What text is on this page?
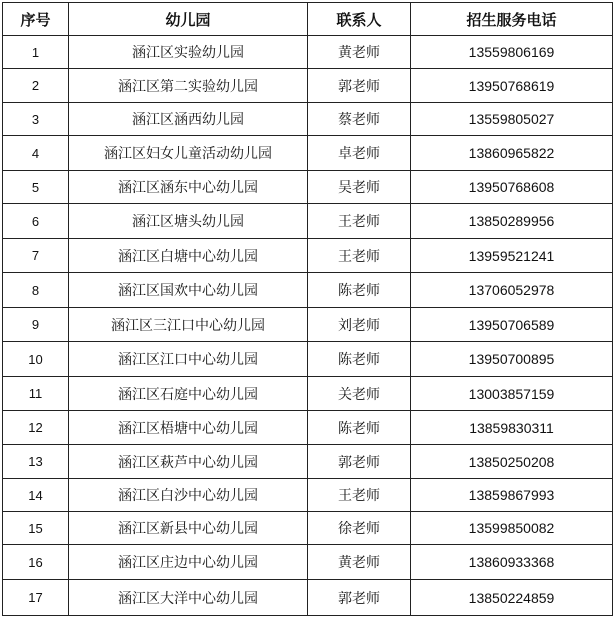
序号	幼儿园	联系人	招生服务电话
1	涵江区实验幼儿园	黄老师	13559806169
2	涵江区第二实验幼儿园	郭老师	13950768619
3	涵江区涵西幼儿园	蔡老师	13559805027
4	涵江区妇女儿童活动幼儿园	卓老师	13860965822
5	涵江区涵东中心幼儿园	吴老师	13950768608
6	涵江区塘头幼儿园	王老师	13850289956
7	涵江区白塘中心幼儿园	王老师	13959521241
8	涵江区国欢中心幼儿园	陈老师	13706052978
9	涵江区三江口中心幼儿园	刘老师	13950706589
10	涵江区江口中心幼儿园	陈老师	13950700895
11	涵江区石庭中心幼儿园	关老师	13003857159
12	涵江区梧塘中心幼儿园	陈老师	13859830311
13	涵江区萩芦中心幼儿园	郭老师	13850250208
14	涵江区白沙中心幼儿园	王老师	13859867993
15	涵江区新县中心幼儿园	徐老师	13599850082
16	涵江区庄边中心幼儿园	黄老师	13860933368
17	涵江区大洋中心幼儿园	郭老师	13850224859
